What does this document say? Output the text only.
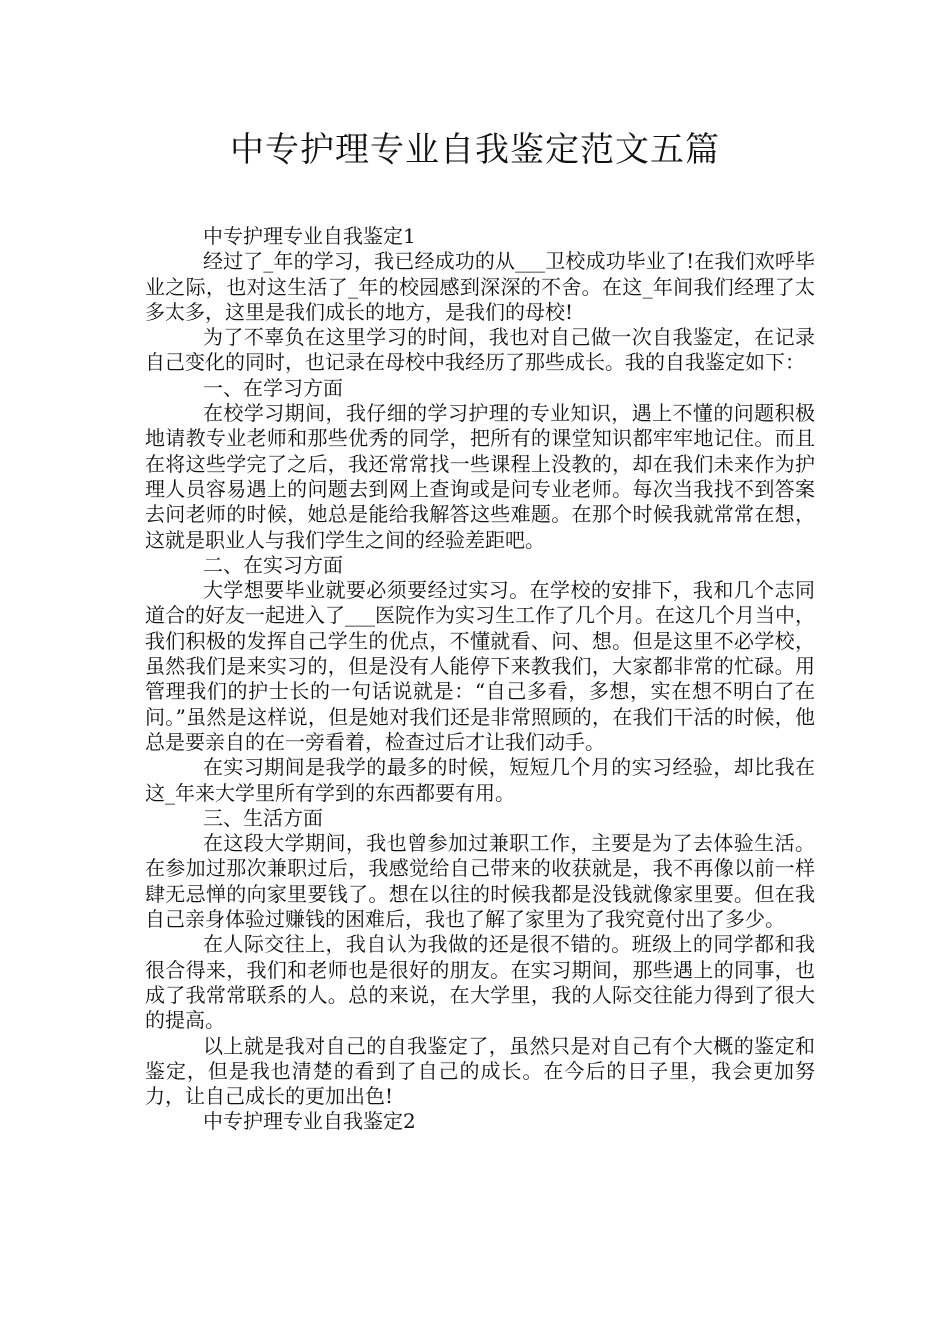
中专护理专业自我鉴定范文五篇

中专护理专业自我鉴定1

经过了_年的学习，我已经成功的从___卫校成功毕业了!在我们欢呼毕业之际，也对这生活了_年的校园感到深深的不舍。在这_年间我们经理了太多太多，这里是我们成长的地方，是我们的母校!

为了不辜负在这里学习的时间，我也对自己做一次自我鉴定，在记录自己变化的同时，也记录在母校中我经历了那些成长。我的自我鉴定如下：

一、在学习方面

在校学习期间，我仔细的学习护理的专业知识，遇上不懂的问题积极地请教专业老师和那些优秀的同学，把所有的课堂知识都牢牢地记住。而且在将这些学完了之后，我还常常找一些课程上没教的，却在我们未来作为护理人员容易遇上的问题去到网上查询或是问专业老师。每次当我找不到答案去问老师的时候，她总是能给我解答这些难题。在那个时候我就常常在想，这就是职业人与我们学生之间的经验差距吧。

二、在实习方面

大学想要毕业就要必须要经过实习。在学校的安排下，我和几个志同道合的好友一起进入了___医院作为实习生工作了几个月。在这几个月当中，我们积极的发挥自己学生的优点，不懂就看、问、想。但是这里不必学校，虽然我们是来实习的，但是没有人能停下来教我们，大家都非常的忙碌。用管理我们的护士长的一句话说就是：“自己多看，多想，实在想不明白了在问。”虽然是这样说，但是她对我们还是非常照顾的，在我们干活的时候，他总是要亲自的在一旁看着，检查过后才让我们动手。

在实习期间是我学的最多的时候，短短几个月的实习经验，却比我在这_年来大学里所有学到的东西都要有用。

三、生活方面

在这段大学期间，我也曾参加过兼职工作，主要是为了去体验生活。在参加过那次兼职过后，我感觉给自己带来的收获就是，我不再像以前一样肆无忌惮的向家里要钱了。想在以往的时候我都是没钱就像家里要。但在我自己亲身体验过赚钱的困难后，我也了解了家里为了我究竟付出了多少。

在人际交往上，我自认为我做的还是很不错的。班级上的同学都和我很合得来，我们和老师也是很好的朋友。在实习期间，那些遇上的同事，也成了我常常联系的人。总的来说，在大学里，我的人际交往能力得到了很大的提高。

以上就是我对自己的自我鉴定了，虽然只是对自己有个大概的鉴定和鉴定，但是我也清楚的看到了自己的成长。在今后的日子里，我会更加努力，让自己成长的更加出色!

中专护理专业自我鉴定2
